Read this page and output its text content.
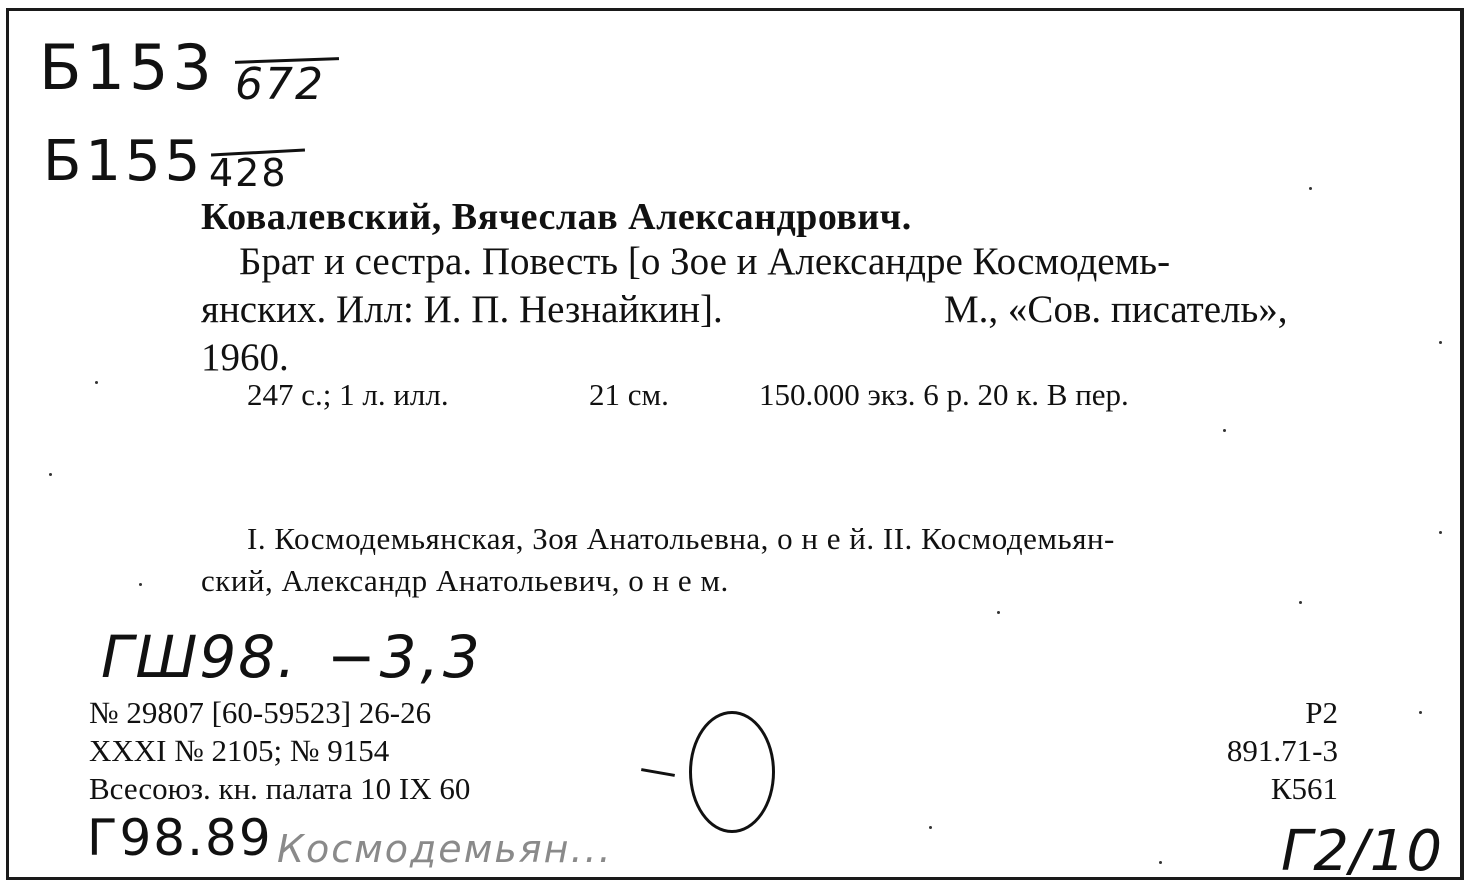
Б153 672
Б155 428
Ковалевский, Вячеслав Александрович.
Брат и сестра. Повесть [о Зое и Александре Космодемь-
янских. Илл: И. П. Незнайкин].	М., «Сов. писатель»,
1960.
247 с.; 1 л. илл.	21 см.	150.000 экз. 6 р. 20 к. В пер.
I. Космодемьянская, Зоя Анатольевна, о н е й. II. Космодемьян-
ский, Александр Анатольевич, о н е м.
ГШ98. −3,3
№ 29807 [60-59523] 26-26
XXXI № 2105; № 9154
Всесоюз. кн. палата 10 IX 60
Р2
891.71-3
К561
Г98.89 Космодемьян...	Г2/10
